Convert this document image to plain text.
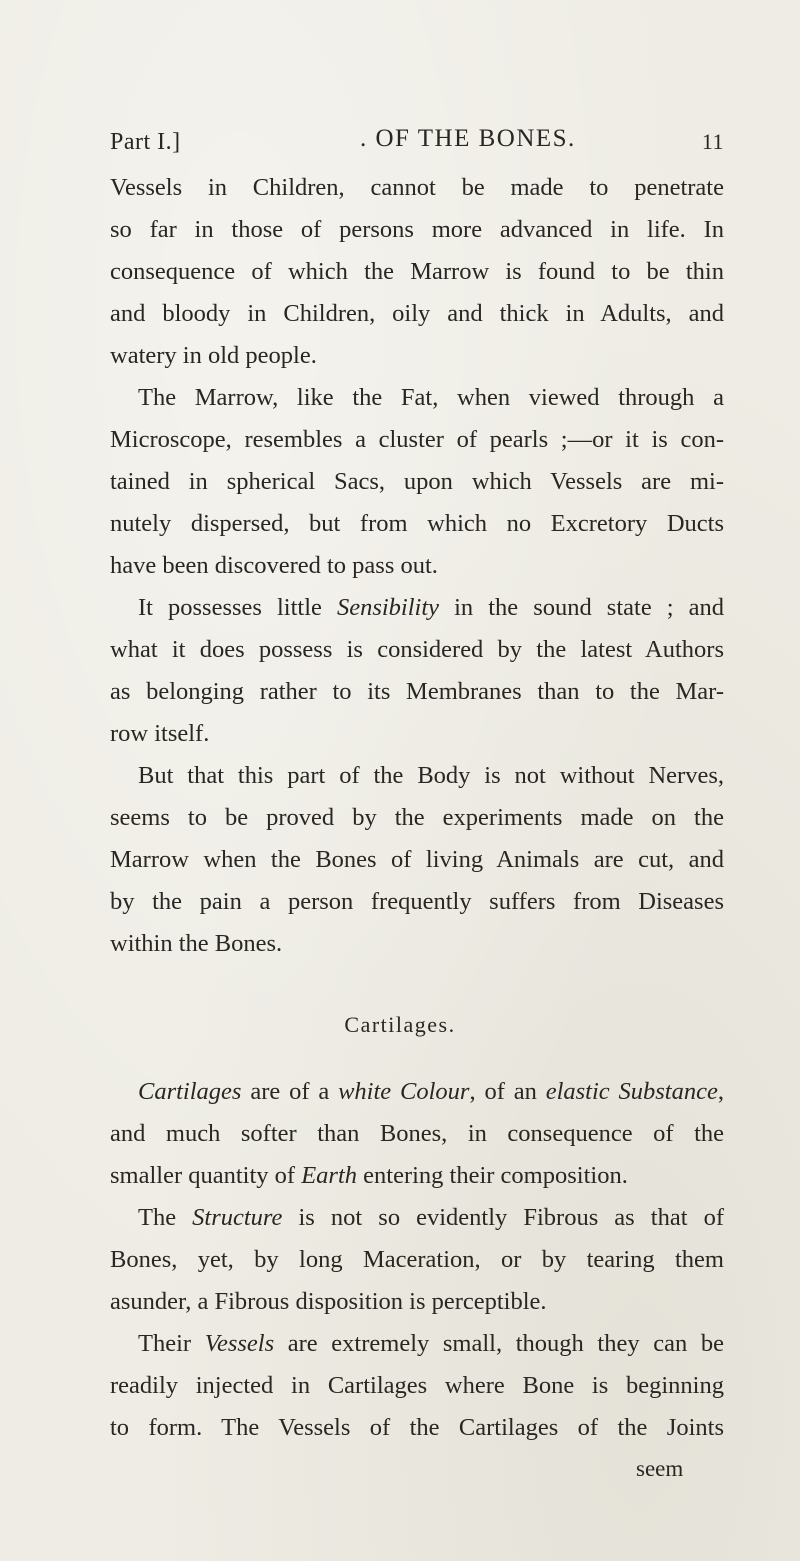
Part I.]	. OF THE BONES.	11
Vessels in Children, cannot be made to penetrate
so far in those of persons more advanced in life. In
consequence of which the Marrow is found to be thin
and bloody in Children, oily and thick in Adults, and
watery in old people.
The Marrow, like the Fat, when viewed through a
Microscope, resembles a cluster of pearls ;—or it is con-
tained in spherical Sacs, upon which Vessels are mi-
nutely dispersed, but from which no Excretory Ducts
have been discovered to pass out.
It possesses little Sensibility in the sound state ; and
what it does possess is considered by the latest Authors
as belonging rather to its Membranes than to the Mar-
row itself.
But that this part of the Body is not without Nerves,
seems to be proved by the experiments made on the
Marrow when the Bones of living Animals are cut, and
by the pain a person frequently suffers from Diseases
within the Bones.
Cartilages.
Cartilages are of a white Colour, of an elastic Substance,
and much softer than Bones, in consequence of the
smaller quantity of Earth entering their composition.
The Structure is not so evidently Fibrous as that of
Bones, yet, by long Maceration, or by tearing them
asunder, a Fibrous disposition is perceptible.
Their Vessels are extremely small, though they can be
readily injected in Cartilages where Bone is beginning
to form. The Vessels of the Cartilages of the Joints
seem
